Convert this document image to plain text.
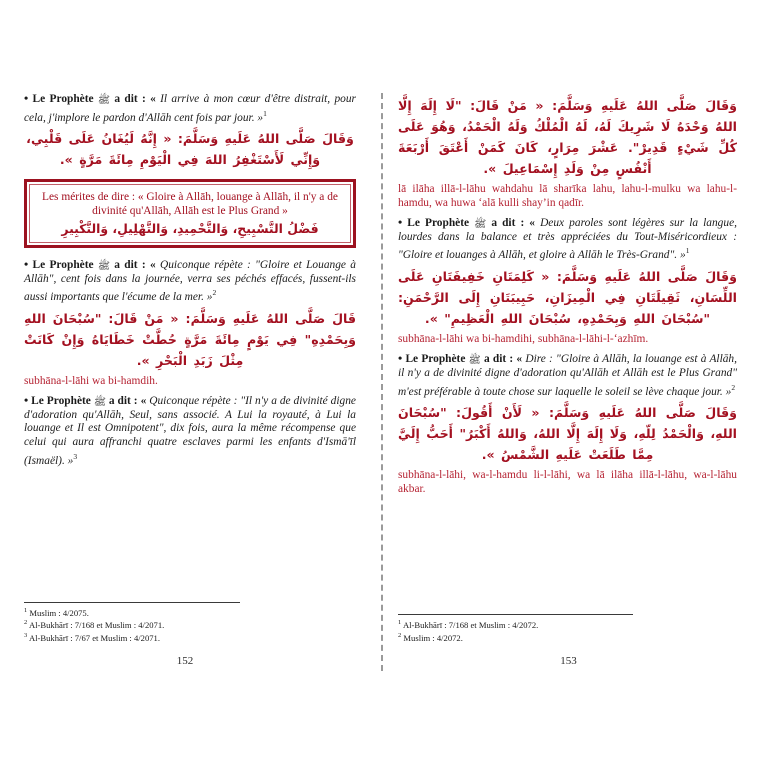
• Le Prophète ﷺ a dit : « Il arrive à mon cœur d'être distrait, pour cela, j'implore le pardon d'Allāh cent fois par jour. »$^1$

وَقَالَ صَلَّى اللهُ عَلَيهِ وَسَلَّمَ: « إِنَّهُ لَيُغَانُ عَلَى قَلْبِي، وَإِنِّي لَأَسْتَغْفِرُ اللهَ فِي الْيَوْمِ مِائَةَ مَرَّةٍ ».

Les mérites de dire : « Gloire à Allāh, louange à Allāh, il n'y a de divinité qu'Allāh, Allāh est le Plus Grand »

فَضْلُ التَّسْبِيحِ، وَالتَّحْمِيدِ، وَالتَّهْلِيلِ، وَالتَّكْبِيرِ

• Le Prophète ﷺ a dit : « Quiconque répète : "Gloire et Louange à Allāh", cent fois dans la journée, verra ses péchés effacés, fussent-ils aussi importants que l'écume de la mer. »$^2$

قَالَ صَلَّى اللهُ عَلَيهِ وَسَلَّمَ: « مَنْ قَالَ: "سُبْحَانَ اللهِ وَبِحَمْدِهِ" فِي يَوْمٍ مِائَةَ مَرَّةٍ حُطَّتْ خَطَايَاهُ وَإِنْ كَانَتْ مِثْلَ زَبَدِ الْبَحْرِ ».

subhāna-l-lāhi wa bi-hamdih.

• Le Prophète ﷺ a dit : « Quiconque répète : "Il n'y a de divinité digne d'adoration qu'Allāh, Seul, sans associé. A Lui la royauté, à Lui la louange et Il est Omnipotent", dix fois, aura la même récompense que celui qui aura affranchi quatre esclaves parmi les enfants d'Ismā'īl (Ismaël). »$^3$

$^1$ Muslim : 4/2075.

$^2$ Al-Bukhārī : 7/168 et Muslim : 4/2071.

$^3$ Al-Bukhārī : 7/67 et Muslim : 4/2071.

152

وَقَالَ صَلَّى اللهُ عَلَيهِ وَسَلَّمَ: « مَنْ قَالَ: "لَا إِلَهَ إِلَّا اللهُ وَحْدَهُ لَا شَرِيكَ لَهُ، لَهُ الْمُلْكُ وَلَهُ الْحَمْدُ، وَهُوَ عَلَى كُلِّ شَيْءٍ قَدِيرْ". عَشْرَ مِرَارٍ، كَانَ كَمَنْ أَعْتَقَ أَرْبَعَةَ أَنْفُسٍ مِنْ وَلَدِ إِسْمَاعِيلَ ».

lā ilāha illā-l-lāhu wahdahu lā sharīka lahu, lahu-l-mulku wa lahu-l-hamdu, wa huwa ‘alā kulli shay’in qadīr.

• Le Prophète ﷺ a dit : « Deux paroles sont légères sur la langue, lourdes dans la balance et très appréciées du Tout-Miséricordieux : "Gloire et louanges à Allāh, et gloire à Allāh le Très-Grand". »$^1$

وَقَالَ صَلَّى اللهُ عَلَيهِ وَسَلَّمَ: « كَلِمَتَانِ خَفِيفَتَانِ عَلَى اللِّسَانِ، ثَقِيلَتَانِ فِي الْمِيزَانِ، حَبِيبَتَانِ إِلَى الرَّحْمَنِ: "سُبْحَانَ اللهِ وَبِحَمْدِهِ، سُبْحَانَ اللهِ الْعَظِيمِ" ».

subhāna-l-lāhi wa bi-hamdihi, subhāna-l-lāhi-l-‘azhīm.

• Le Prophète ﷺ a dit : « Dire : "Gloire à Allāh, la louange est à Allāh, il n'y a de divinité digne d'adoration qu'Allāh et Allāh est le Plus Grand" m'est préférable à toute chose sur laquelle le soleil se lève chaque jour. »$^2$

وَقَالَ صَلَّى اللهُ عَلَيهِ وَسَلَّمَ: « لَأَنْ أَقُولَ: "سُبْحَانَ اللهِ، وَالْحَمْدُ لِلّهِ، وَلَا إِلَهَ إِلَّا اللهُ، وَاللهُ أَكْبَرُ" أَحَبُّ إِلَيَّ مِمَّا طَلَعَتْ عَلَيهِ الشَّمْسُ ».

subhāna-l-lāhi, wa-l-hamdu li-l-lāhi, wa lā ilāha illā-l-lāhu, wa-l-lāhu akbar.

$^1$ Al-Bukhārī : 7/168 et Muslim : 4/2072.

$^2$ Muslim : 4/2072.

153
